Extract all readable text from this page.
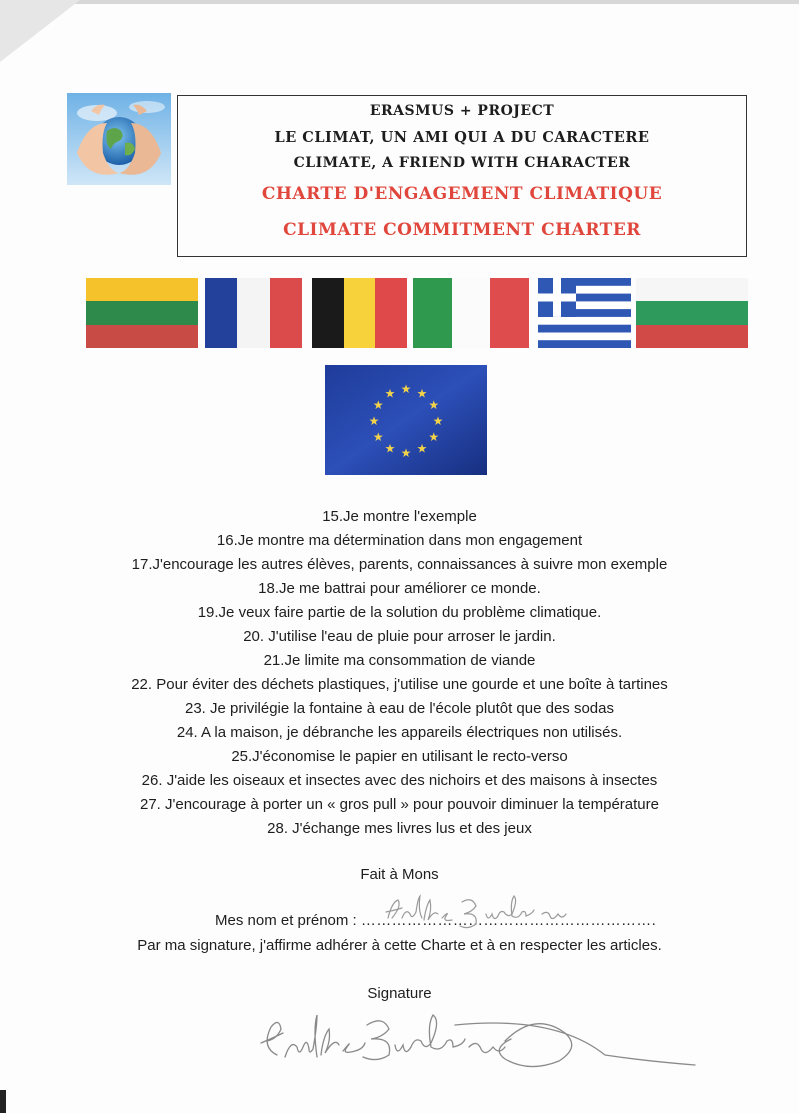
ERASMUS + PROJECT
LE CLIMAT, UN AMI QUI A DU CARACTERE
CLIMATE, A FRIEND WITH CHARACTER
CHARTE D'ENGAGEMENT CLIMATIQUE
CLIMATE COMMITMENT CHARTER
★ ★
★
★
★
★
★
★
★
★
★
★
15.Je montre l'exemple
16.Je montre ma détermination dans mon engagement
17.J'encourage les autres élèves, parents, connaissances à suivre mon exemple
18.Je me battrai pour améliorer ce monde.
19.Je veux faire partie de la solution du problème climatique.
20. J'utilise l'eau de pluie pour arroser le jardin.
21.Je limite ma consommation de viande
22. Pour éviter des déchets plastiques, j'utilise une gourde et une boîte à tartines
23. Je privilégie la fontaine à eau de l'école plutôt que des sodas
24. A la maison, je débranche les appareils électriques non utilisés.
25.J'économise le papier en utilisant le recto-verso
26. J'aide les oiseaux et insectes avec des nichoirs et des maisons à insectes
27. J'encourage à porter un « gros pull » pour pouvoir diminuer la température
28. J'échange mes livres lus et des jeux
Fait à Mons
Mes nom et prénom : ………………………………………………….
Par ma signature, j'affirme adhérer à cette Charte et à en respecter les articles.
Signature
